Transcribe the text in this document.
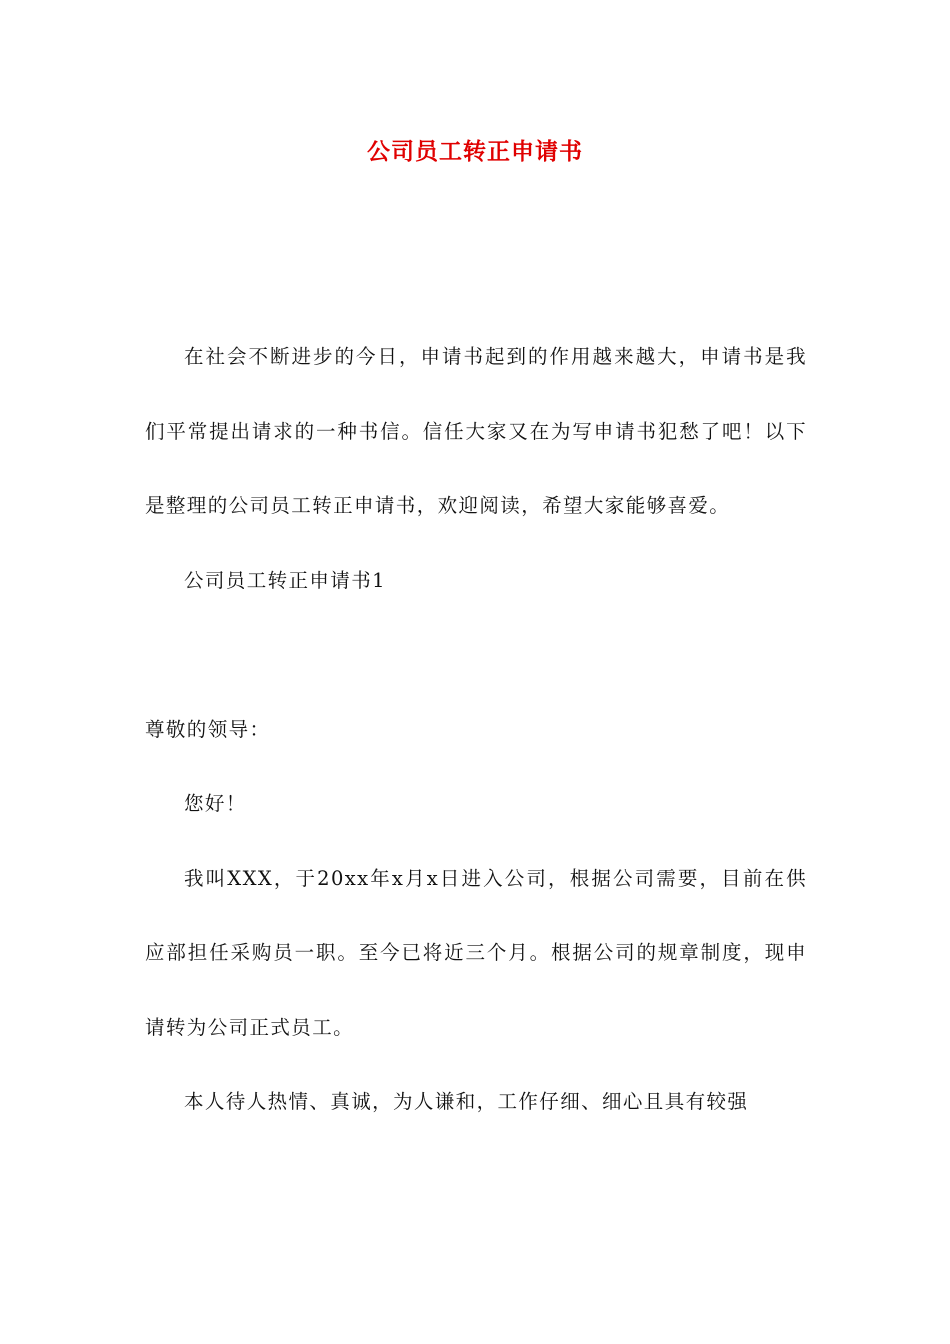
公司员工转正申请书

在社会不断进步的今日，申请书起到的作用越来越大，申请书是我们平常提出请求的一种书信。信任大家又在为写申请书犯愁了吧！以下是整理的公司员工转正申请书，欢迎阅读，希望大家能够喜爱。

公司员工转正申请书1

尊敬的领导：

您好！

我叫XXX，于20xx年x月x日进入公司，根据公司需要，目前在供应部担任采购员一职。至今已将近三个月。根据公司的规章制度，现申请转为公司正式员工。

本人待人热情、真诚，为人谦和，工作仔细、细心且具有较强
